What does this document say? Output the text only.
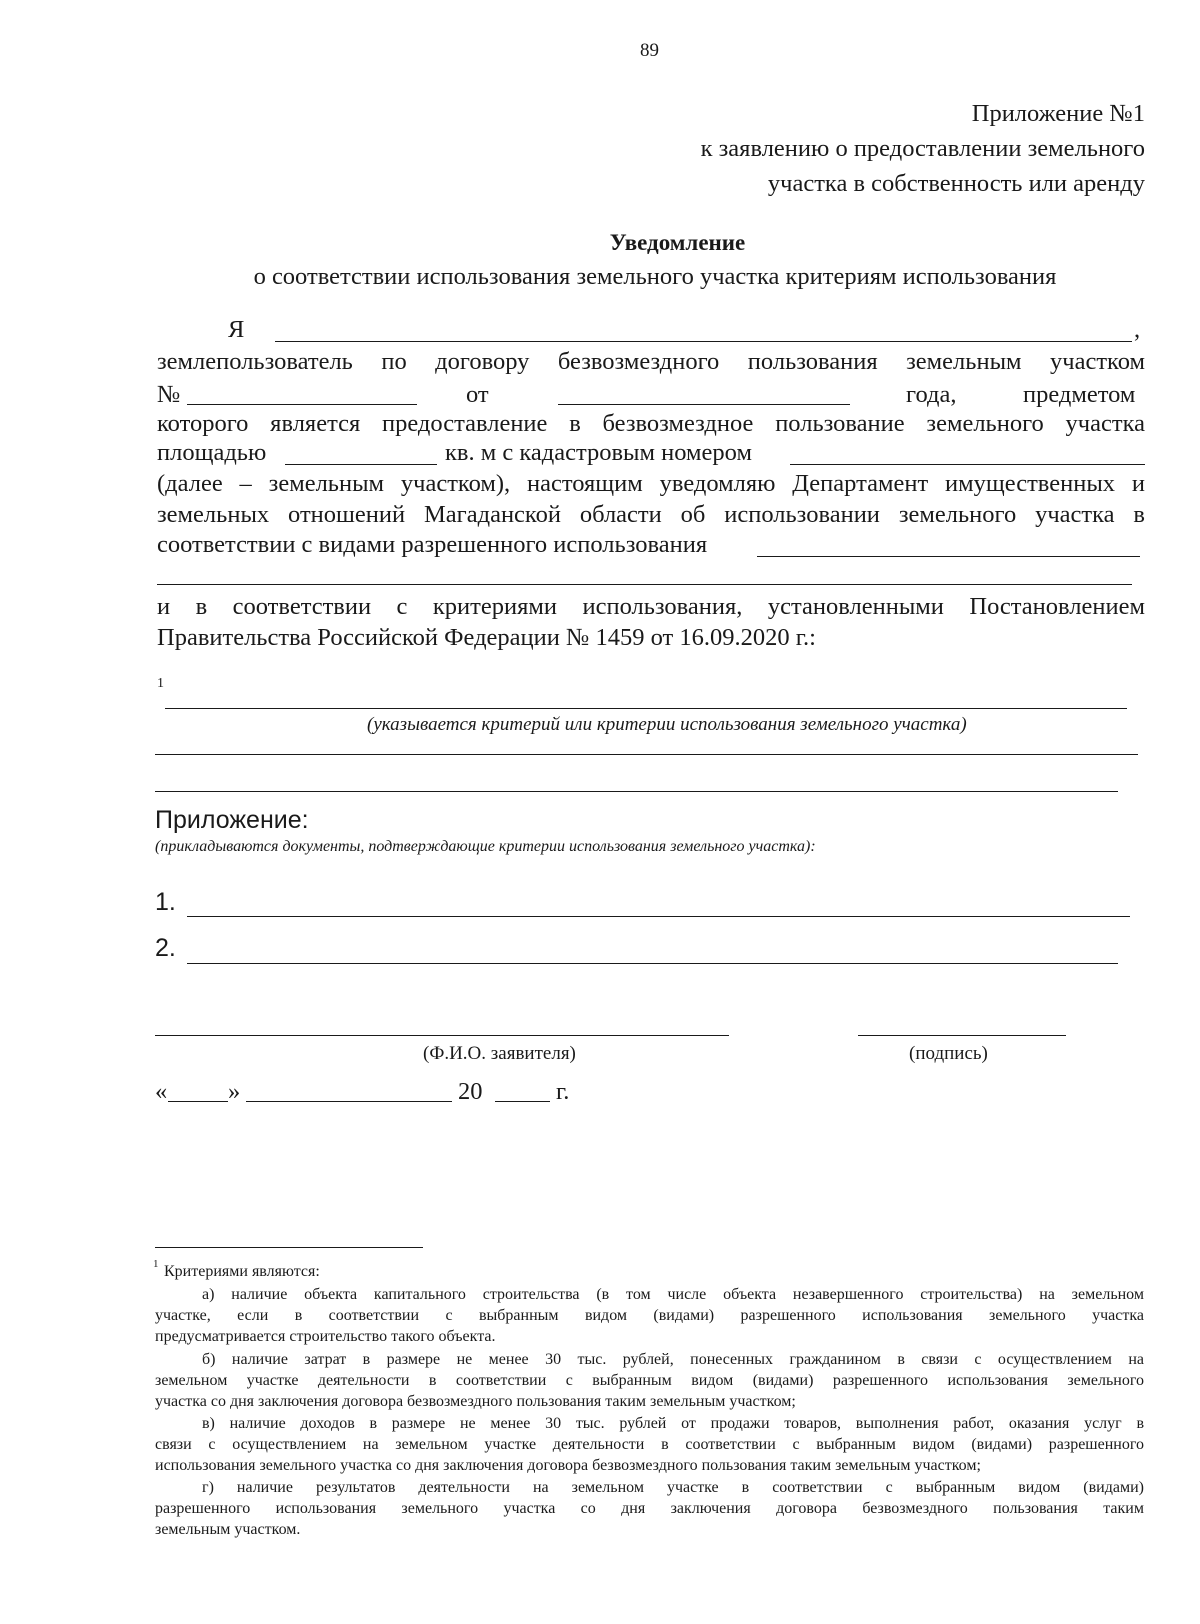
89
Приложение №1
к заявлению о предоставлении земельного
участка в собственность или аренду
Уведомление
о соответствии использования земельного участка критериям использования
Я	,
землепользователь по договору безвозмездного пользования земельным участком
№	от	года,	предметом
которого является предоставление в безвозмездное пользование земельного участка
площадью	кв. м с кадастровым номером
(далее – земельным участком), настоящим уведомляю Департамент имущественных и
земельных отношений Магаданской области об использовании земельного участка в
соответствии с видами разрешенного использования
и в соответствии с критериями использования, установленными Постановлением
Правительства Российской Федерации № 1459 от 16.09.2020 г.:
1
(указывается критерий или критерии использования земельного участка)
Приложение:
(прикладываются документы, подтверждающие критерии использования земельного участка):
1.
2.
(Ф.И.О. заявителя)	(подпись)
« »	20	г.
1 Критериями являются:
а) наличие объекта капитального строительства (в том числе объекта незавершенного строительства) на земельном
участке, если в соответствии с выбранным видом (видами) разрешенного использования земельного участка
предусматривается строительство такого объекта.
б) наличие затрат в размере не менее 30 тыс. рублей, понесенных гражданином в связи с осуществлением на
земельном участке деятельности в соответствии с выбранным видом (видами) разрешенного использования земельного
участка со дня заключения договора безвозмездного пользования таким земельным участком;
в) наличие доходов в размере не менее 30 тыс. рублей от продажи товаров, выполнения работ, оказания услуг в
связи с осуществлением на земельном участке деятельности в соответствии с выбранным видом (видами) разрешенного
использования земельного участка со дня заключения договора безвозмездного пользования таким земельным участком;
г) наличие результатов деятельности на земельном участке в соответствии с выбранным видом (видами)
разрешенного использования земельного участка со дня заключения договора безвозмездного пользования таким
земельным участком.
